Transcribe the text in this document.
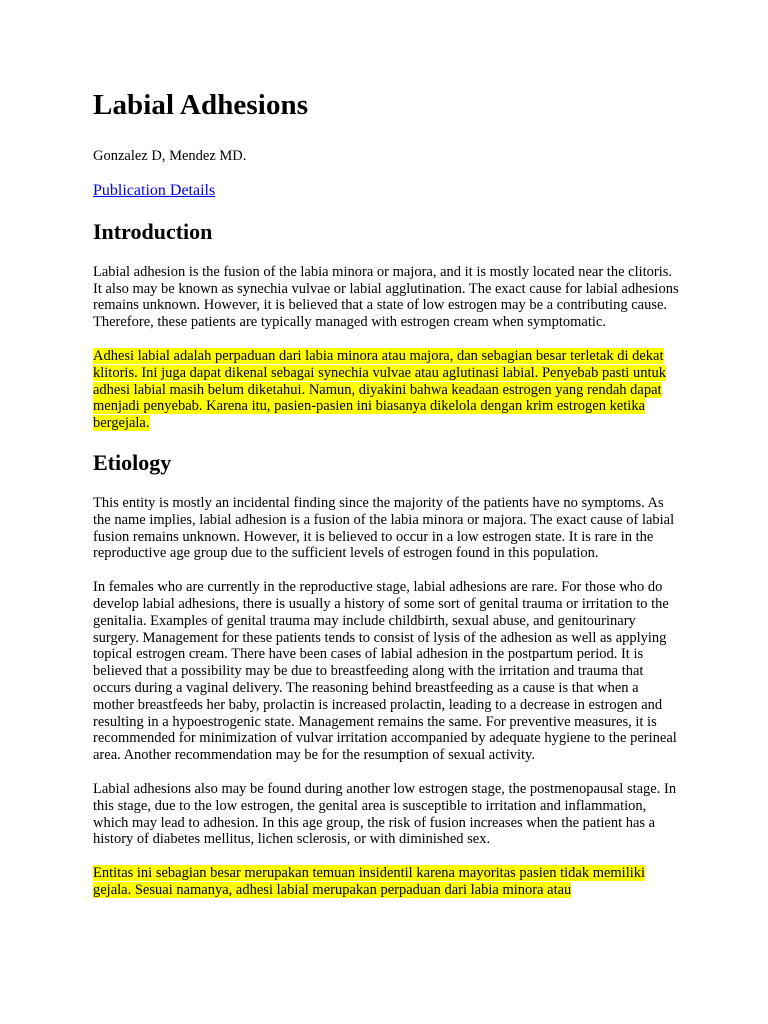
Labial Adhesions

Gonzalez D, Mendez MD.

Publication Details
Introduction

Labial adhesion is the fusion of the labia minora or majora, and it is mostly located near the clitoris. It also may be known as synechia vulvae or labial agglutination. The exact cause for labial adhesions remains unknown. However, it is believed that a state of low estrogen may be a contributing cause. Therefore, these patients are typically managed with estrogen cream when symptomatic.

Adhesi labial adalah perpaduan dari labia minora atau majora, dan sebagian besar terletak di dekat klitoris. Ini juga dapat dikenal sebagai synechia vulvae atau aglutinasi labial. Penyebab pasti untuk adhesi labial masih belum diketahui. Namun, diyakini bahwa keadaan estrogen yang rendah dapat menjadi penyebab. Karena itu, pasien-pasien ini biasanya dikelola dengan krim estrogen ketika bergejala.

Etiology

This entity is mostly an incidental finding since the majority of the patients have no symptoms. As the name implies, labial adhesion is a fusion of the labia minora or majora. The exact cause of labial fusion remains unknown. However, it is believed to occur in a low estrogen state. It is rare in the reproductive age group due to the sufficient levels of estrogen found in this population.

In females who are currently in the reproductive stage, labial adhesions are rare. For those who do develop labial adhesions, there is usually a history of some sort of genital trauma or irritation to the genitalia. Examples of genital trauma may include childbirth, sexual abuse, and genitourinary surgery. Management for these patients tends to consist of lysis of the adhesion as well as applying topical estrogen cream. There have been cases of labial adhesion in the postpartum period. It is believed that a possibility may be due to breastfeeding along with the irritation and trauma that occurs during a vaginal delivery. The reasoning behind breastfeeding as a cause is that when a mother breastfeeds her baby, prolactin is increased prolactin, leading to a decrease in estrogen and resulting in a hypoestrogenic state. Management remains the same. For preventive measures, it is recommended for minimization of vulvar irritation accompanied by adequate hygiene to the perineal area. Another recommendation may be for the resumption of sexual activity.

Labial adhesions also may be found during another low estrogen stage, the postmenopausal stage. In this stage, due to the low estrogen, the genital area is susceptible to irritation and inflammation, which may lead to adhesion. In this age group, the risk of fusion increases when the patient has a history of diabetes mellitus, lichen sclerosis, or with diminished sex.

Entitas ini sebagian besar merupakan temuan insidentil karena mayoritas pasien tidak memiliki gejala. Sesuai namanya, adhesi labial merupakan perpaduan dari labia minora atau
